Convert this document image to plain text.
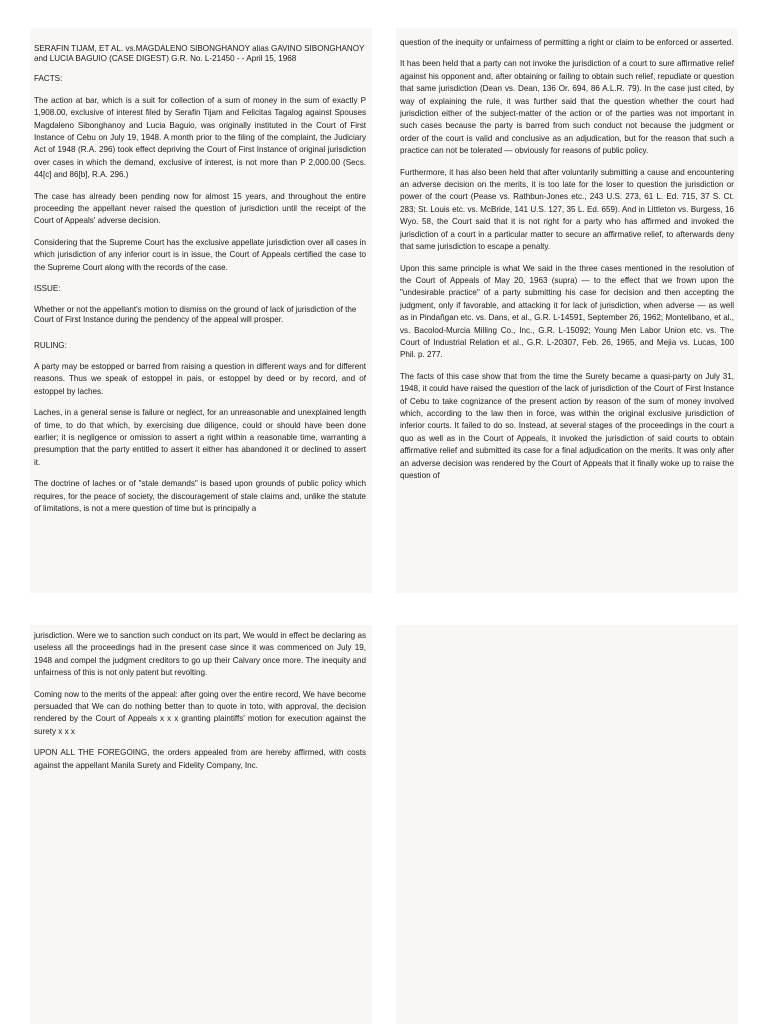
SERAFIN TIJAM, ET AL. vs.MAGDALENO SIBONGHANOY alias GAVINO SIBONGHANOY and LUCIA BAGUIO (CASE DIGEST) G.R. No. L-21450 - - April 15, 1968

FACTS:

The action at bar, which is a suit for collection of a sum of money in the sum of exactly P 1,908.00, exclusive of interest filed by Serafin Tijam and Felicitas Tagalog against Spouses Magdaleno Sibonghanoy and Lucia Baguio, was originally instituted in the Court of First Instance of Cebu on July 19, 1948. A month prior to the filing of the complaint, the Judiciary Act of 1948 (R.A. 296) took effect depriving the Court of First Instance of original jurisdiction over cases in which the demand, exclusive of interest, is not more than P 2,000.00 (Secs. 44[c] and 86[b], R.A. 296.)

The case has already been pending now for almost 15 years, and throughout the entire proceeding the appellant never raised the question of jurisdiction until the receipt of the Court of Appeals' adverse decision.

Considering that the Supreme Court has the exclusive appellate jurisdiction over all cases in which jurisdiction of any inferior court is in issue, the Court of Appeals certified the case to the Supreme Court along with the records of the case.

ISSUE:

Whether or not the appellant's motion to dismiss on the ground of lack of jurisdiction of the Court of First Instance during the pendency of the appeal will prosper.

RULING:

A party may be estopped or barred from raising a question in different ways and for different reasons. Thus we speak of estoppel in pais, or estoppel by deed or by record, and of estoppel by laches.

Laches, in a general sense is failure or neglect, for an unreasonable and unexplained length of time, to do that which, by exercising due diligence, could or should have been done earlier; it is negligence or omission to assert a right within a reasonable time, warranting a presumption that the party entitled to assert it either has abandoned it or declined to assert it.

The doctrine of laches or of "stale demands" is based upon grounds of public policy which requires, for the peace of society, the discouragement of stale claims and, unlike the statute of limitations, is not a mere question of time but is principally a

question of the inequity or unfairness of permitting a right or claim to be enforced or asserted.

It has been held that a party can not invoke the jurisdiction of a court to sure affirmative relief against his opponent and, after obtaining or failing to obtain such relief, repudiate or question that same jurisdiction (Dean vs. Dean, 136 Or. 694, 86 A.L.R. 79). In the case just cited, by way of explaining the rule, it was further said that the question whether the court had jurisdiction either of the subject-matter of the action or of the parties was not important in such cases because the party is barred from such conduct not because the judgment or order of the court is valid and conclusive as an adjudication, but for the reason that such a practice can not be tolerated — obviously for reasons of public policy.

Furthermore, it has also been held that after voluntarily submitting a cause and encountering an adverse decision on the merits, it is too late for the loser to question the jurisdiction or power of the court (Pease vs. Rathbun-Jones etc., 243 U.S. 273, 61 L. Ed. 715, 37 S. Ct. 283; St. Louis etc. vs. McBride, 141 U.S. 127, 35 L. Ed. 659). And in Littleton vs. Burgess, 16 Wyo. 58, the Court said that it is not right for a party who has affirmed and invoked the jurisdiction of a court in a particular matter to secure an affirmative relief, to afterwards deny that same jurisdiction to escape a penalty.

Upon this same principle is what We said in the three cases mentioned in the resolution of the Court of Appeals of May 20, 1963 (supra) — to the effect that we frown upon the "undesirable practice" of a party submitting his case for decision and then accepting the judgment, only if favorable, and attacking it for lack of jurisdiction, when adverse — as well as in Pindañgan etc. vs. Dans, et al., G.R. L-14591, September 26, 1962; Montelibano, et al., vs. Bacolod-Murcia Milling Co., Inc., G.R. L-15092; Young Men Labor Union etc. vs. The Court of Industrial Relation et al., G.R. L-20307, Feb. 26, 1965, and Mejia vs. Lucas, 100 Phil. p. 277.

The facts of this case show that from the time the Surety became a quasi-party on July 31, 1948, it could have raised the question of the lack of jurisdiction of the Court of First Instance of Cebu to take cognizance of the present action by reason of the sum of money involved which, according to the law then in force, was within the original exclusive jurisdiction of inferior courts. It failed to do so. Instead, at several stages of the proceedings in the court a quo as well as in the Court of Appeals, it invoked the jurisdiction of said courts to obtain affirmative relief and submitted its case for a final adjudication on the merits. It was only after an adverse decision was rendered by the Court of Appeals that it finally woke up to raise the question of

jurisdiction. Were we to sanction such conduct on its part, We would in effect be declaring as useless all the proceedings had in the present case since it was commenced on July 19, 1948 and compel the judgment creditors to go up their Calvary once more. The inequity and unfairness of this is not only patent but revolting.

Coming now to the merits of the appeal: after going over the entire record, We have become persuaded that We can do nothing better than to quote in toto, with approval, the decision rendered by the Court of Appeals x x x granting plaintiffs' motion for execution against the surety x x x

UPON ALL THE FOREGOING, the orders appealed from are hereby affirmed, with costs against the appellant Manila Surety and Fidelity Company, Inc.
